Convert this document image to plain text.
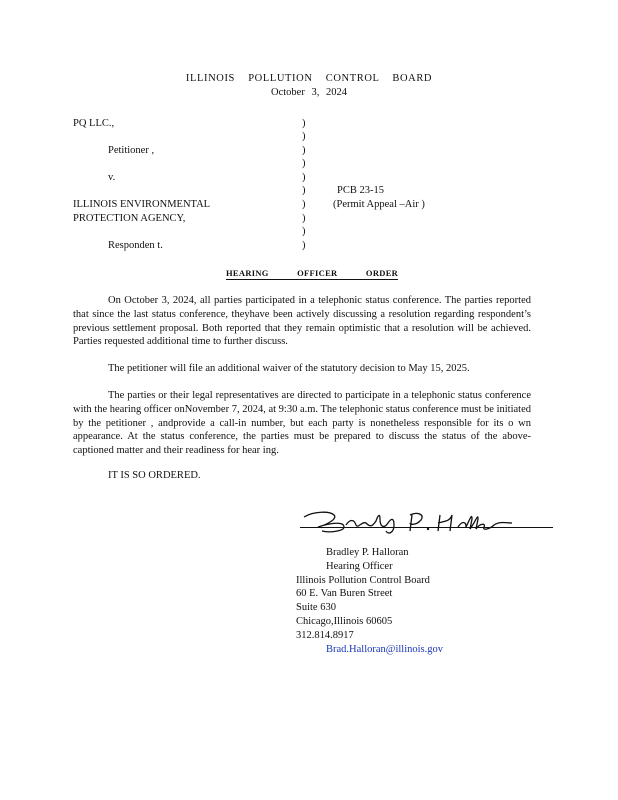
ILLINOIS POLLUTION CONTROL BOARD
October 3, 2024
PQ LLC.,
Petitioner ,
v.
ILLINOIS ENVIRONMENTAL
PROTECTION AGENCY,
Responden t.
)
)
)
)
)
)
)
)
)
)
PCB 23-15
(Permit Appeal –Air )
HEARING OFFICER ORDER

On October 3, 2024, all parties participated in a telephonic status conference. The parties reported that since the last status conference, theyhave been actively discussing a resolution regarding respondent’s previous settlement proposal. Both reported that they remain optimistic that a resolution will be achieved. Parties requested additional time to further discuss.

The petitioner will file an additional waiver of the statutory decision to May 15, 2025.

The parties or their legal representatives are directed to participate in a telephonic status conference with the hearing officer onNovember 7, 2024, at 9:30 a.m. The telephonic status conference must be initiated by the petitioner , andprovide a call-in number, but each party is nonetheless responsible for its o wn appearance. At the status conference, the parties must be prepared to discuss the status of the above- captioned matter and their readiness for hear ing.

IT IS SO ORDERED.
Bradley P. Halloran
Hearing Officer
Illinois Pollution Control Board
60 E. Van Buren Street
Suite 630
Chicago,Illinois 60605
312.814.8917
Brad.Halloran@illinois.gov
